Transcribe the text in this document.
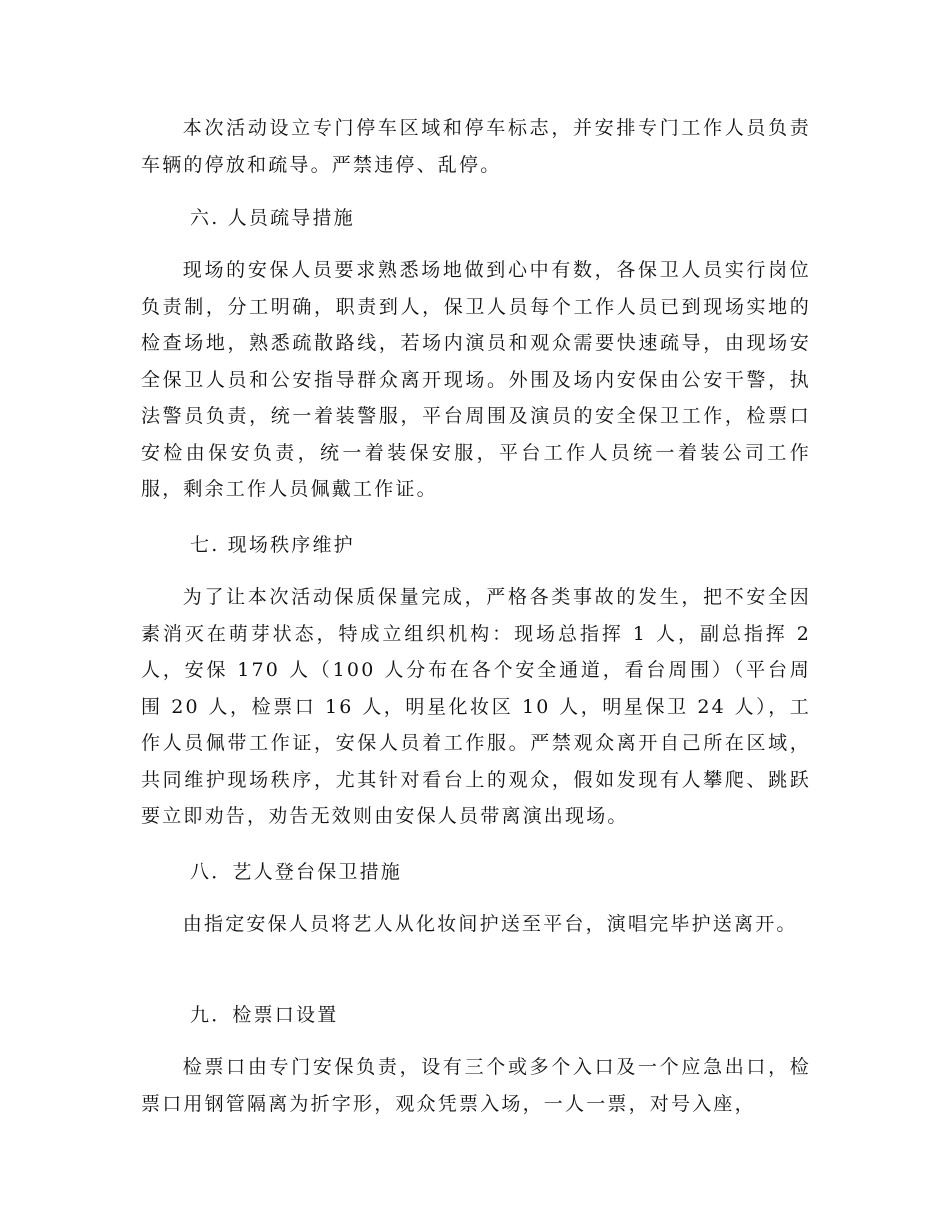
本次活动设立专门停车区域和停车标志，并安排专门工作人员负责车辆的停放和疏导。严禁违停、乱停。

六. 人员疏导措施

现场的安保人员要求熟悉场地做到心中有数，各保卫人员实行岗位负责制，分工明确，职责到人，保卫人员每个工作人员已到现场实地的检查场地，熟悉疏散路线，若场内演员和观众需要快速疏导，由现场安全保卫人员和公安指导群众离开现场。外围及场内安保由公安干警，执法警员负责，统一着装警服，平台周围及演员的安全保卫工作，检票口安检由保安负责，统一着装保安服，平台工作人员统一着装公司工作服，剩余工作人员佩戴工作证。

七. 现场秩序维护

为了让本次活动保质保量完成，严格各类事故的发生，把不安全因素消灭在萌芽状态，特成立组织机构：现场总指挥 1 人，副总指挥 2 人，安保 170 人（100 人分布在各个安全通道，看台周围）（平台周围 20 人，检票口 16 人，明星化妆区 10 人，明星保卫 24 人），工作人员佩带工作证，安保人员着工作服。严禁观众离开自己所在区域，共同维护现场秩序，尤其针对看台上的观众，假如发现有人攀爬、跳跃要立即劝告，劝告无效则由安保人员带离演出现场。

八．艺人登台保卫措施

由指定安保人员将艺人从化妆间护送至平台，演唱完毕护送离开。

九．检票口设置

检票口由专门安保负责，设有三个或多个入口及一个应急出口，检票口用钢管隔离为折字形，观众凭票入场，一人一票，对号入座，
